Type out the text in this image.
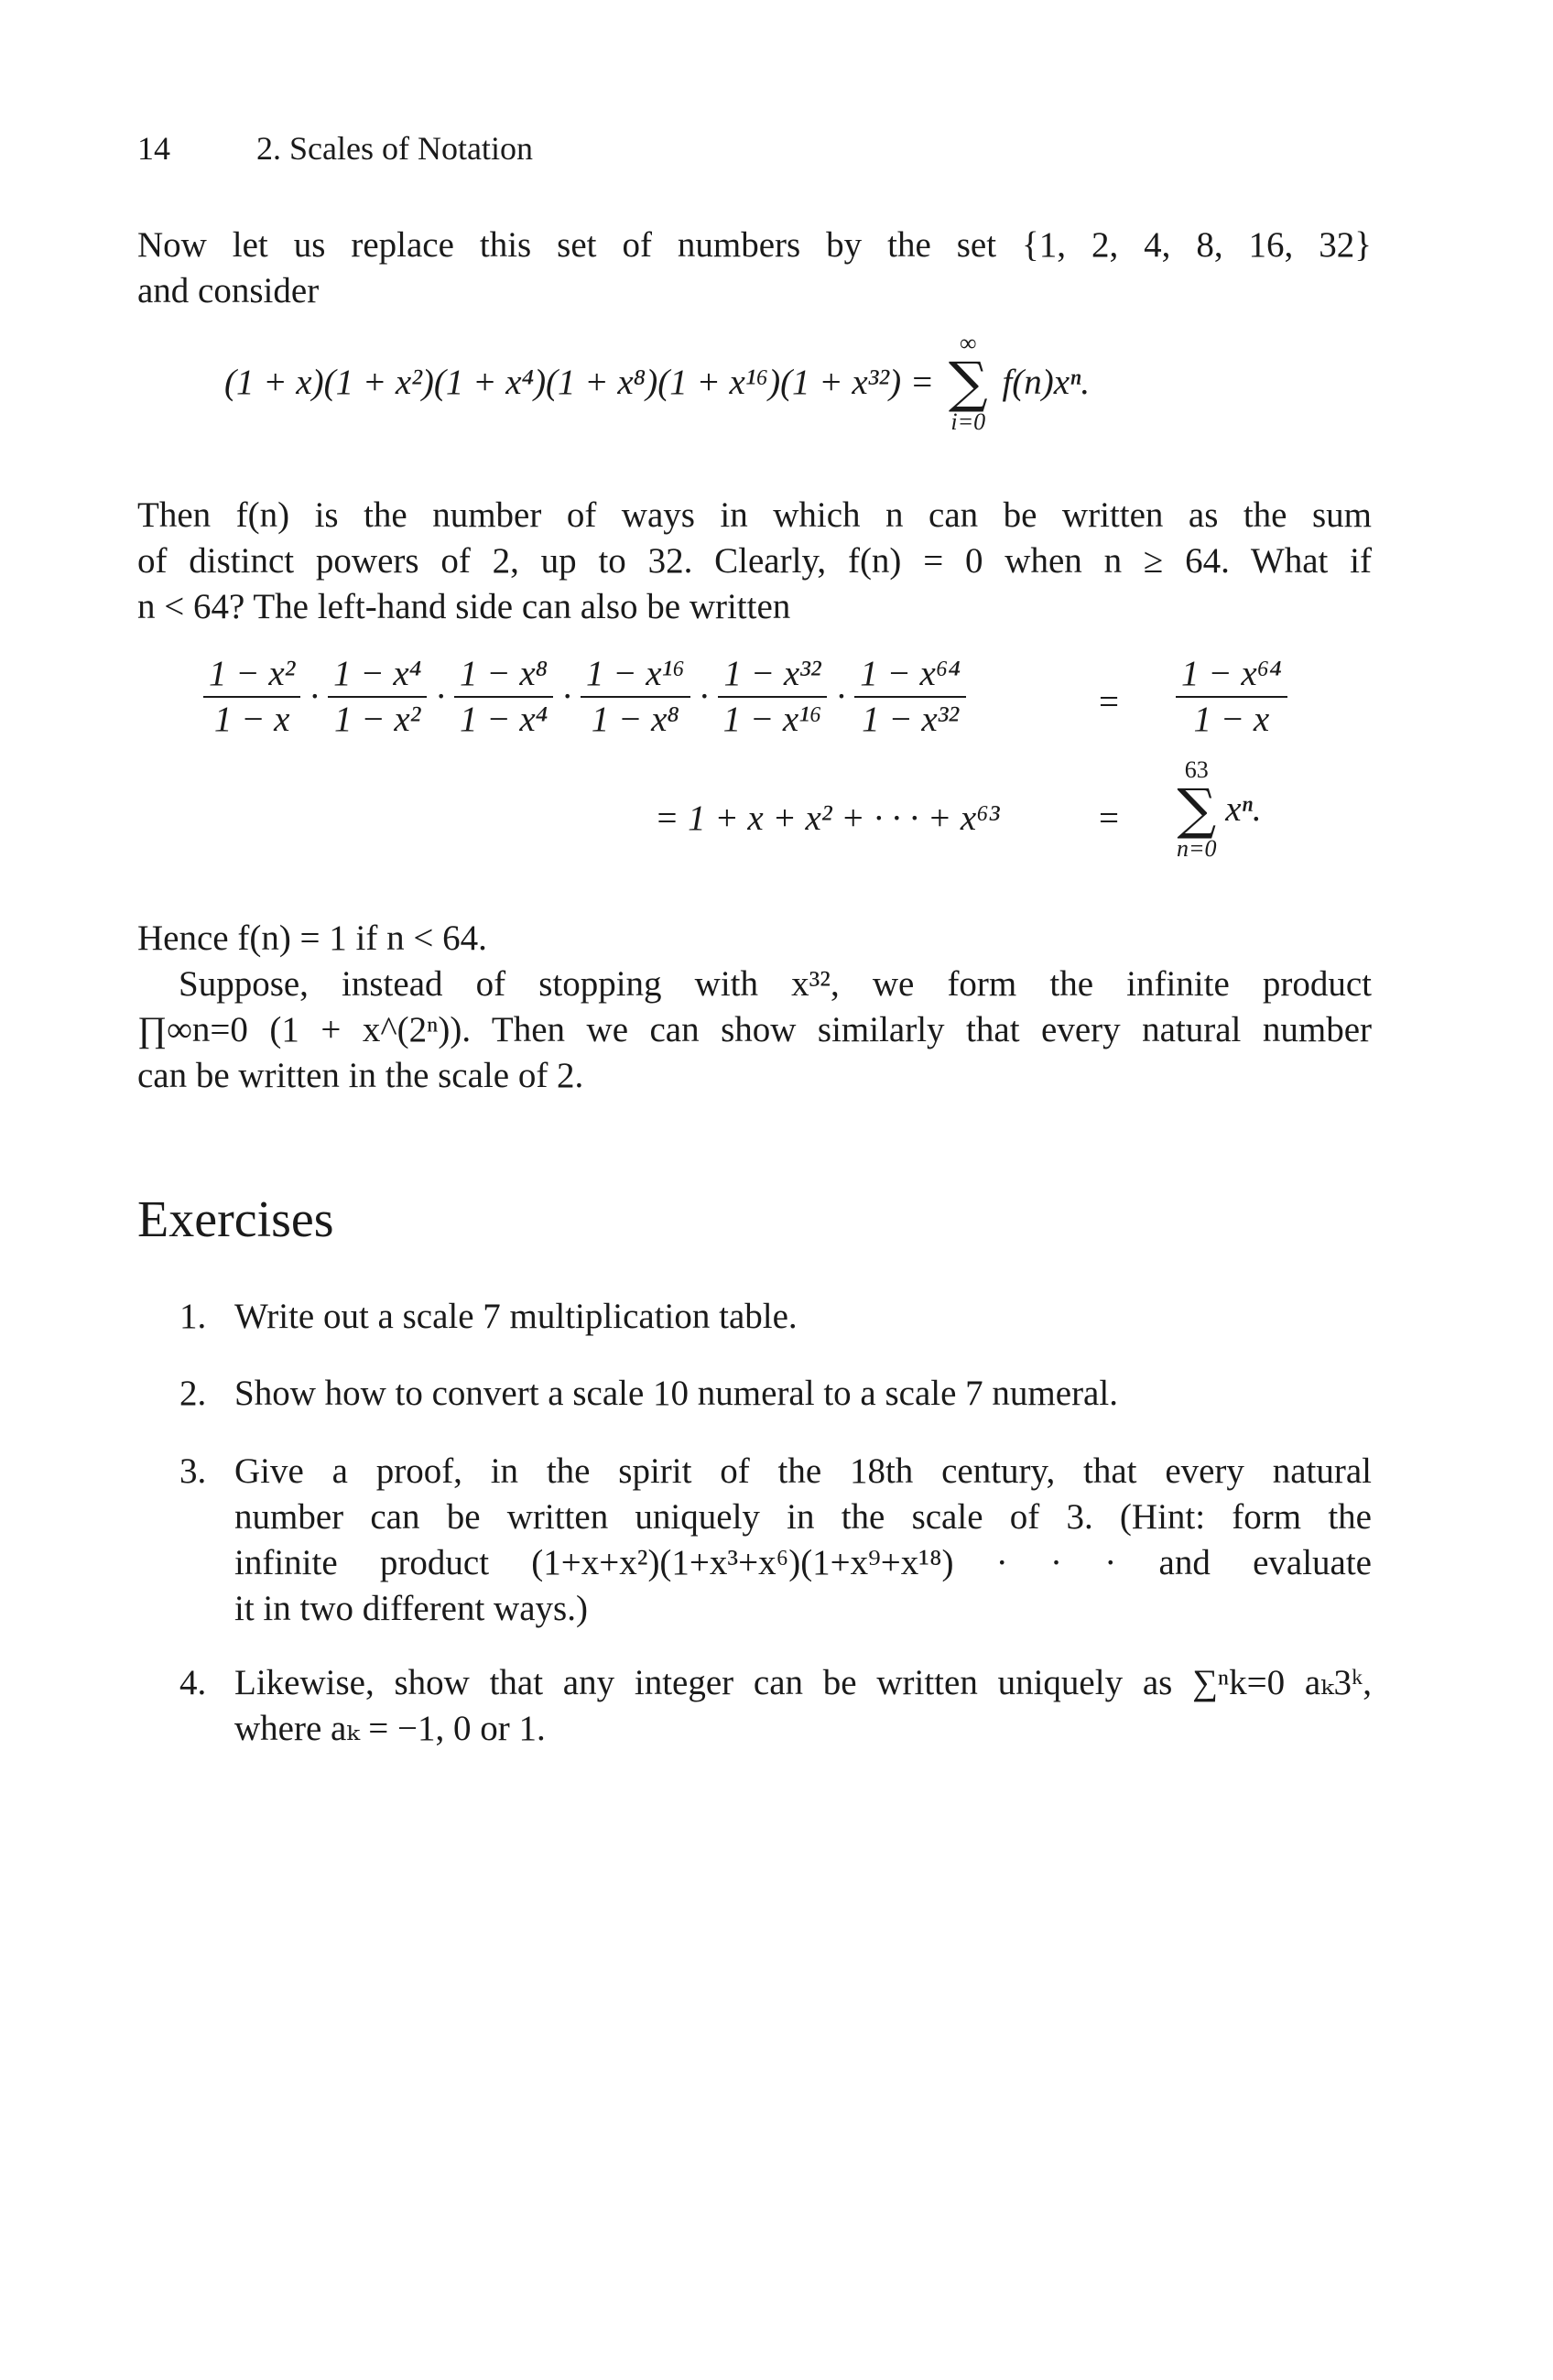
14	2. Scales of Notation
Now let us replace this set of numbers by the set {1, 2, 4, 8, 16, 32}
and consider
(1 + x)(1 + x²)(1 + x⁴)(1 + x⁸)(1 + x¹⁶)(1 + x³²) =
∞
∑
i=0
f(n)xⁿ.
Then f(n) is the number of ways in which n can be written as the sum
of distinct powers of 2, up to 32. Clearly, f(n) = 0 when n ≥ 64. What if
n < 64? The left-hand side can also be written
$\frac{\text{1 − x²}}{1 - x} \cdot \frac{\text{1 − x⁴}}{\text{1 − x²}} \cdot \frac{\text{1 − x⁸}}{\text{1 − x⁴}} \cdot \frac{\text{1 − x¹⁶}}{\text{1 − x⁸}} \cdot \frac{\text{1 − x³²}}{\text{1 − x¹⁶}} \cdot \frac{\text{1 − x⁶⁴}}{\text{1 − x³²}}$	= $\frac{\text{1 − x⁶⁴}}{1 - x}$
= 1 + x + x² + · · · + x⁶³	=
63
∑
n=0
xⁿ.
Hence f(n) = 1 if n < 64.
Suppose, instead of stopping with x³², we form the infinite product
∏∞n=0 (1 + x^(2ⁿ)). Then we can show similarly that every natural number
can be written in the scale of 2.
Exercises
1. Write out a scale 7 multiplication table.
2. Show how to convert a scale 10 numeral to a scale 7 numeral.
3. Give a proof, in the spirit of the 18th century, that every natural
number can be written uniquely in the scale of 3. (Hint: form the
infinite product (1+x+x²)(1+x³+x⁶)(1+x⁹+x¹⁸) · · · and evaluate
it in two different ways.)
4. Likewise, show that any integer can be written uniquely as ∑ⁿk=0 aₖ3ᵏ,
where aₖ = −1, 0 or 1.
